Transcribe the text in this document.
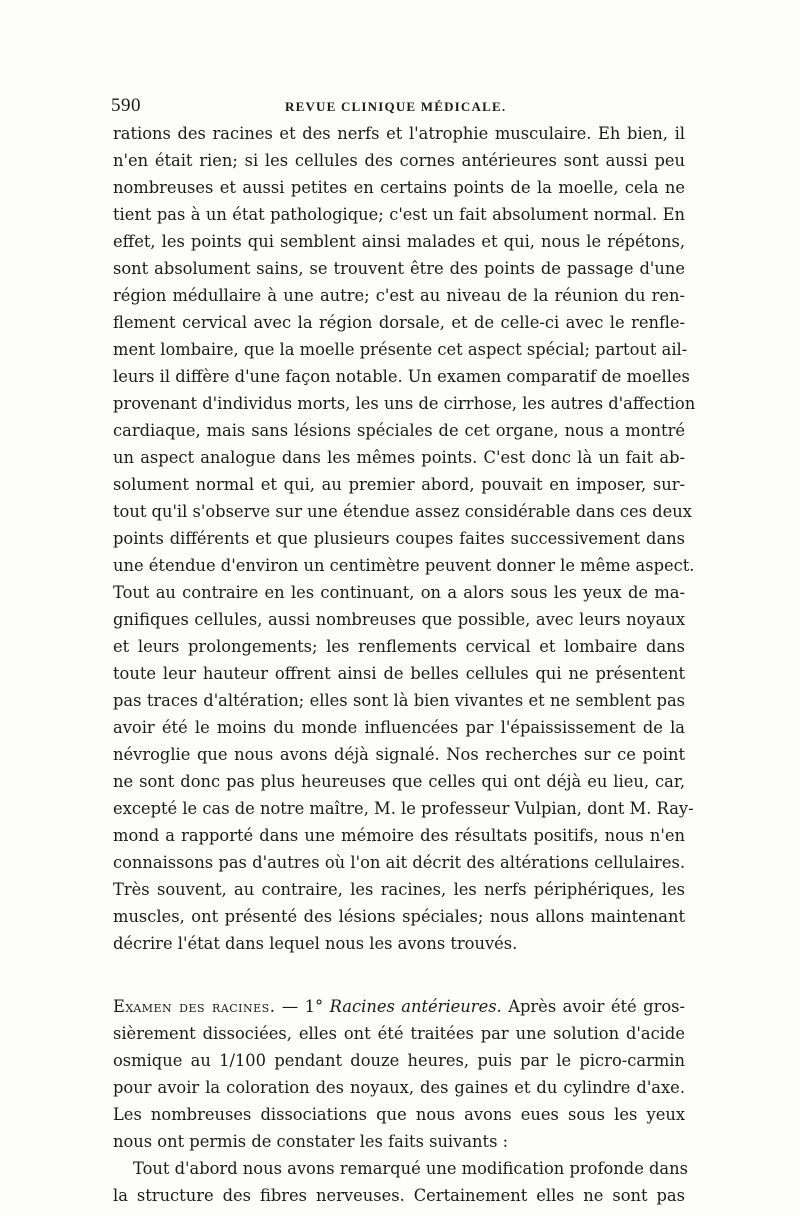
590	REVUE CLINIQUE MÉDICALE.
rations des racines et des nerfs et l'atrophie musculaire. Eh bien, il
n'en était rien; si les cellules des cornes antérieures sont aussi peu
nombreuses et aussi petites en certains points de la moelle, cela ne
tient pas à un état pathologique; c'est un fait absolument normal. En
effet, les points qui semblent ainsi malades et qui, nous le répétons,
sont absolument sains, se trouvent être des points de passage d'une
région médullaire à une autre; c'est au niveau de la réunion du ren-
flement cervical avec la région dorsale, et de celle-ci avec le renfle-
ment lombaire, que la moelle présente cet aspect spécial; partout ail-
leurs il diffère d'une façon notable. Un examen comparatif de moelles
provenant d'individus morts, les uns de cirrhose, les autres d'affection
cardiaque, mais sans lésions spéciales de cet organe, nous a montré
un aspect analogue dans les mêmes points. C'est donc là un fait ab-
solument normal et qui, au premier abord, pouvait en imposer, sur-
tout qu'il s'observe sur une étendue assez considérable dans ces deux
points différents et que plusieurs coupes faites successivement dans
une étendue d'environ un centimètre peuvent donner le même aspect.
Tout au contraire en les continuant, on a alors sous les yeux de ma-
gnifiques cellules, aussi nombreuses que possible, avec leurs noyaux
et leurs prolongements; les renflements cervical et lombaire dans
toute leur hauteur offrent ainsi de belles cellules qui ne présentent
pas traces d'altération; elles sont là bien vivantes et ne semblent pas
avoir été le moins du monde influencées par l'épaississement de la
névroglie que nous avons déjà signalé. Nos recherches sur ce point
ne sont donc pas plus heureuses que celles qui ont déjà eu lieu, car,
excepté le cas de notre maître, M. le professeur Vulpian, dont M. Ray-
mond a rapporté dans une mémoire des résultats positifs, nous n'en
connaissons pas d'autres où l'on ait décrit des altérations cellulaires.
Très souvent, au contraire, les racines, les nerfs périphériques, les
muscles, ont présenté des lésions spéciales; nous allons maintenant
décrire l'état dans lequel nous les avons trouvés.
Examen des racines. — 1° Racines antérieures. Après avoir été gros-
sièrement dissociées, elles ont été traitées par une solution d'acide
osmique au 1/100 pendant douze heures, puis par le picro-carmin
pour avoir la coloration des noyaux, des gaines et du cylindre d'axe.
Les nombreuses dissociations que nous avons eues sous les yeux
nous ont permis de constater les faits suivants :
Tout d'abord nous avons remarqué une modification profonde dans
la structure des fibres nerveuses. Certainement elles ne sont pas
